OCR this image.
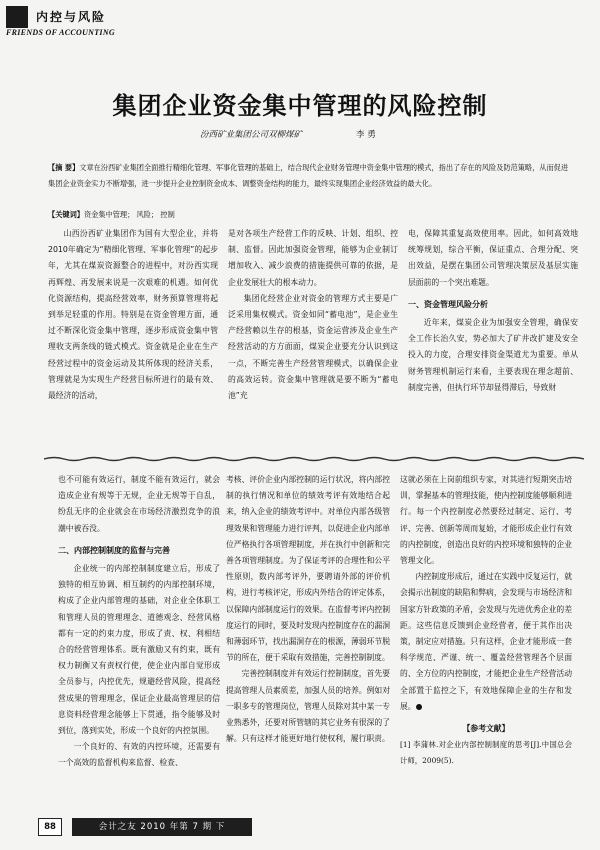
内控与风险
FRIENDS OF ACCOUNTING
集团企业资金集中管理的风险控制
汾西矿业集团公司双柳煤矿	李 勇
【摘 要】文章在汾西矿业集团全面推行精细化管理、军事化管理的基础上，结合现代企业财务管理中资金集中管理的模式，指出了存在的风险及防范策略，从而促进集团企业资金实力不断增强，进一步提升企业控制资金成本、调整资金结构的能力，最终实现集团企业经济效益的最大化。
【关键词】资金集中管理； 风险； 控制

山西汾西矿业集团作为国有大型企业，并将2010年确定为“精细化管理、军事化管理”的起步年，尤其在煤炭资源整合的进程中，对汾西实现再辉煌、再发展来说是一次艰难的机遇。如何优化资源结构，提高经营效率，财务预算管理将起到举足轻重的作用。特别是在资金管理方面，通过不断深化资金集中管理，逐步形成资金集中管理收支两条线的链式模式。资金就是企业在生产经营过程中的资金运动及其所体现的经济关系，管理就是为实现生产经营目标所进行的最有效、最经济的活动，

是对各项生产经营工作的反映、计划、组织、控制、监督。因此加强资金管理，能够为企业制订增加收入、减少浪费的措施提供可靠的依据，是企业发展壮大的根本动力。

集团化经营企业对资金的管理方式主要是广泛采用集权模式。资金如同“蓄电池”，是企业生产经营赖以生存的根基，资金运营涉及企业生产经营活动的方方面面，煤炭企业要充分认识到这一点，不断完善生产经营管理模式，以确保企业的高效运转。资金集中管理就是要不断为“蓄电池”充

电，保障其重复高效使用率。因此，如何高效地统筹规划，综合平衡，保证重点、合理分配、突出效益，是摆在集团公司管理决策层及基层实施层面前的一个突出难题。

一、资金管理风险分析

近年来，煤炭企业为加强安全管理，确保安全工作长治久安，势必加大了矿井改扩建及安全投入的力度，合理安排资金渠道尤为重要。单从财务管理机制运行来看，主要表现在理念超前、制度完善，但执行环节却显得滞后，导致财

也不可能有效运行，制度不能有效运行，就会造成企业有规等于无规，企业无规等于自乱，纷乱无序的企业就会在市场经济激烈竞争的浪潮中被吞没。

二、内部控制制度的监督与完善

企业统一的内部控制制度建立后，形成了独特的相互协调、相互制约的内部控制环境，构成了企业内部管理的基础，对企业全体职工和管理人员的管理理念、道德观念、经营风格都有一定的约束力度，形成了责、权、利相结合的经营管理体系。既有激励又有约束，既有权力制衡又有责权行使，使企业内部自觉形成全员参与，内控优先，规避经营风险，提高经营成果的管理理念，保证企业最高管理层的信息资料经营理念能够上下贯通，指令能够及时到位，落到实处，形成一个良好的内控氛围。

一个良好的、有效的内控环境，还需要有一个高效的监督机构来监督、检查、

考核、评价企业内部控制的运行状况，将内部控制的执行情况和单位的绩效考评有效地结合起来，纳入企业的绩效考评中。对单位内部各级管理效果和管理能力进行评判，以促进企业内部单位严格执行各项管理制度，并在执行中创新和完善各项管理制度。为了保证考评的合理性和公平性原则，数内部考评外，要聘请外部的评价机构，进行考核评定，形成内外结合的评定体系，以保障内部制度运行的效果。在监督考评内控制度运行的同时，要及时发现内控制度存在的漏洞和薄弱环节，找出漏洞存在的根源，薄弱环节脱节的所在，便于采取有效措施，完善控制制度。

完善控制制度并有效运行控制制度，首先要提高管理人员素质差，加强人员的培养。例如对一职多专的管理岗位，管理人员除对其中某一专业熟悉外，还要对所管辖的其它业务有很深的了解。只有这样才能更好地行使权利，履行职责。

这就必须在上岗前组织专家，对其进行短期突击培训，掌握基本的管理技能，使内控制度能够顺利进行。每一个内控制度必然要经过制定、运行、考评、完善、创新等周而复始，才能形成企业行有效的内控制度，创造出良好的内控环境和独特的企业管理文化。

内控制度形成后，通过在实践中反复运行，就会揭示出制度的缺陷和弊病，会发现与市场经济和国家方针政策的矛盾，会发现与先进优秀企业的差距。这些信息反馈到企业经营者，便于其作出决策，制定应对措施。只有这样，企业才能形成一套科学规范、严谨、统一、覆盖经营管理各个层面的、全方位的内控制度，才能把企业生产经营活动全部置于监控之下，有效地保障企业的生存和发展。●

【参考文献】

[1] 李蒲林.对企业内部控制制度的思考[J].中国总会计师，2009(5).

88	会计之友 2010 年第 7 期 下
